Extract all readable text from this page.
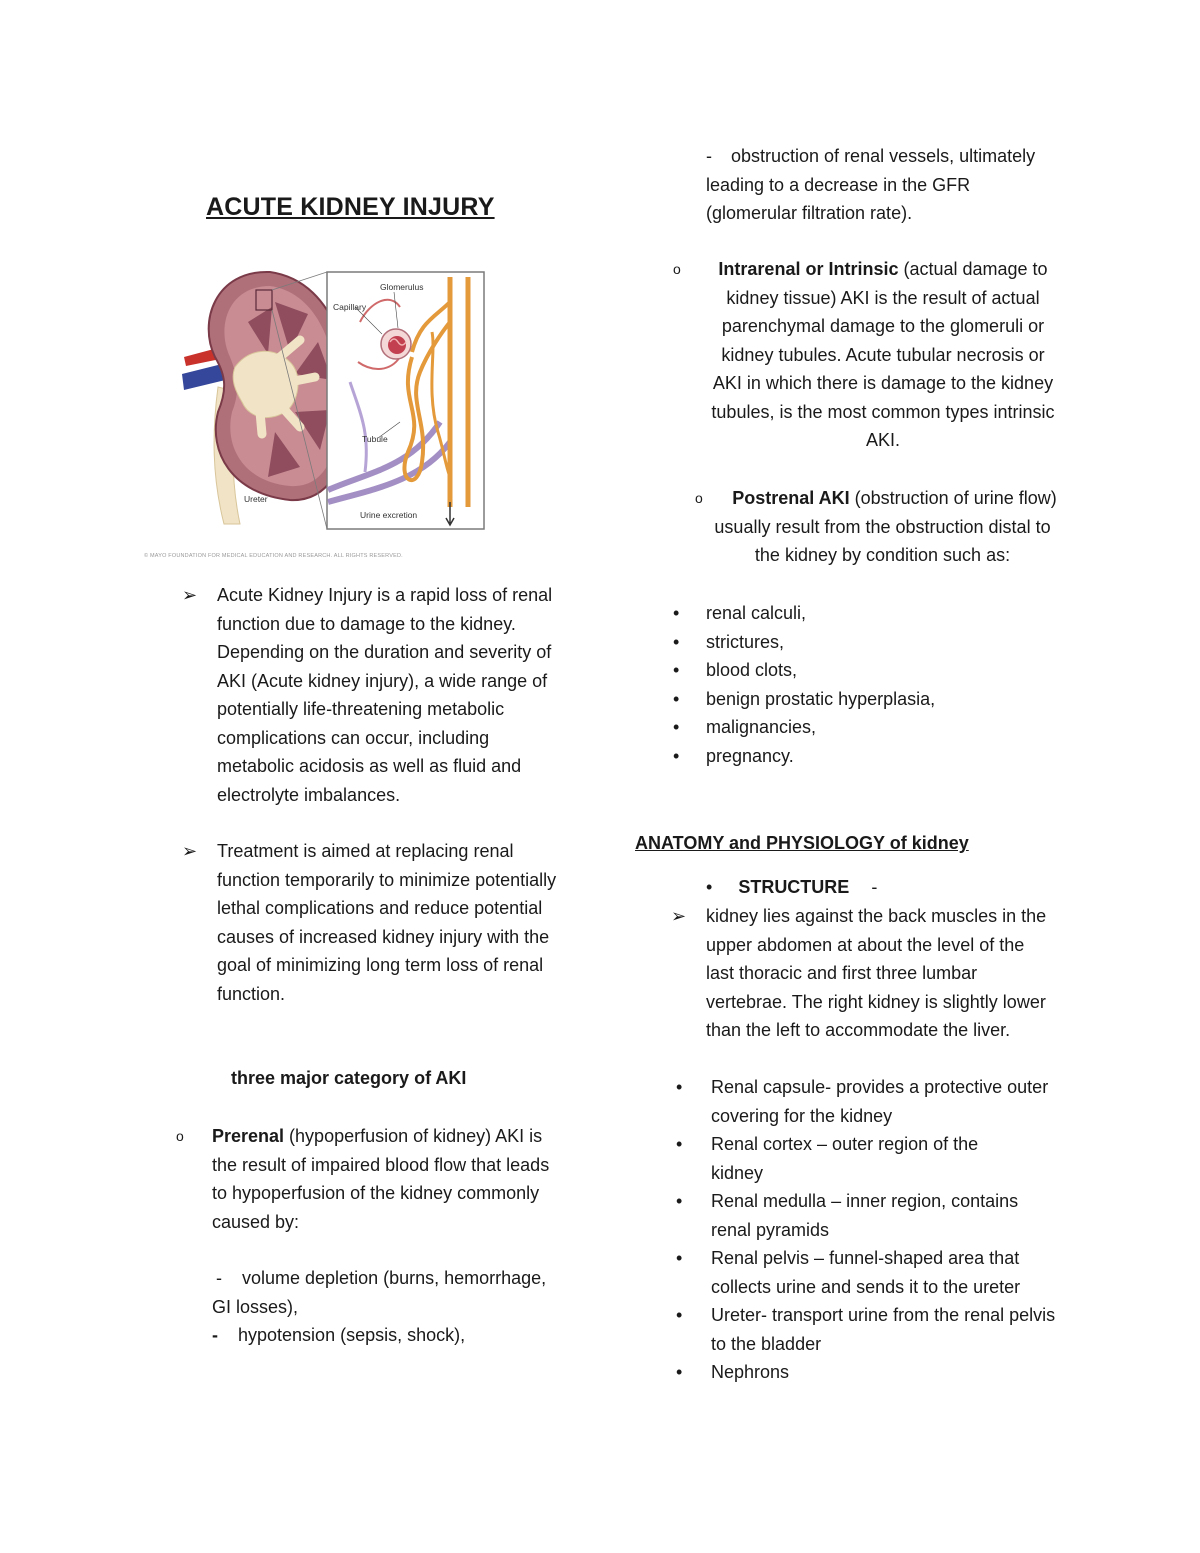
ACUTE KIDNEY INJURY
Glomerulus
Capillary
Tubule
Ureter
Urine excretion
© MAYO FOUNDATION FOR MEDICAL EDUCATION AND RESEARCH. ALL RIGHTS RESERVED.
➢ Acute Kidney Injury is a rapid loss of renal function due to damage to the kidney. Depending on the duration and severity of AKI (Acute kidney injury), a wide range of potentially life-threatening metabolic complications can occur, including metabolic acidosis as well as fluid and electrolyte imbalances.
➢ Treatment is aimed at replacing renal function temporarily to minimize potentially lethal complications and reduce potential causes of increased kidney injury with the goal of minimizing long term loss of renal function.
three major category of AKI
o Prerenal (hypoperfusion of kidney) AKI is the result of impaired blood flow that leads to hypoperfusion of the kidney commonly caused by:
-	volume depletion (burns, hemorrhage, GI losses),
- hypotension (sepsis, shock),
-	obstruction of renal vessels, ultimately leading to a decrease in the GFR (glomerular filtration rate).
o	Intrarenal or Intrinsic (actual damage to kidney tissue) AKI is the result of actual parenchymal damage to the glomeruli or kidney tubules. Acute tubular necrosis or AKI in which there is damage to the kidney tubules, is the most common types intrinsic AKI.
o	Postrenal AKI (obstruction of urine flow) usually result from the obstruction distal to the kidney by condition such as:
• renal calculi,
• strictures,
• blood clots,
• benign prostatic hyperplasia,
• malignancies,
• pregnancy.
ANATOMY and PHYSIOLOGY of kidney
• STRUCTURE -
➢ kidney lies against the back muscles in the upper abdomen at about the level of the last thoracic and first three lumbar vertebrae. The right kidney is slightly lower than the left to accommodate the liver.
• Renal capsule- provides a protective outer covering for the kidney
• Renal cortex – outer region of the kidney
• Renal medulla – inner region, contains renal pyramids
• Renal pelvis – funnel-shaped area that collects urine and sends it to the ureter
• Ureter- transport urine from the renal pelvis to the bladder
• Nephrons
